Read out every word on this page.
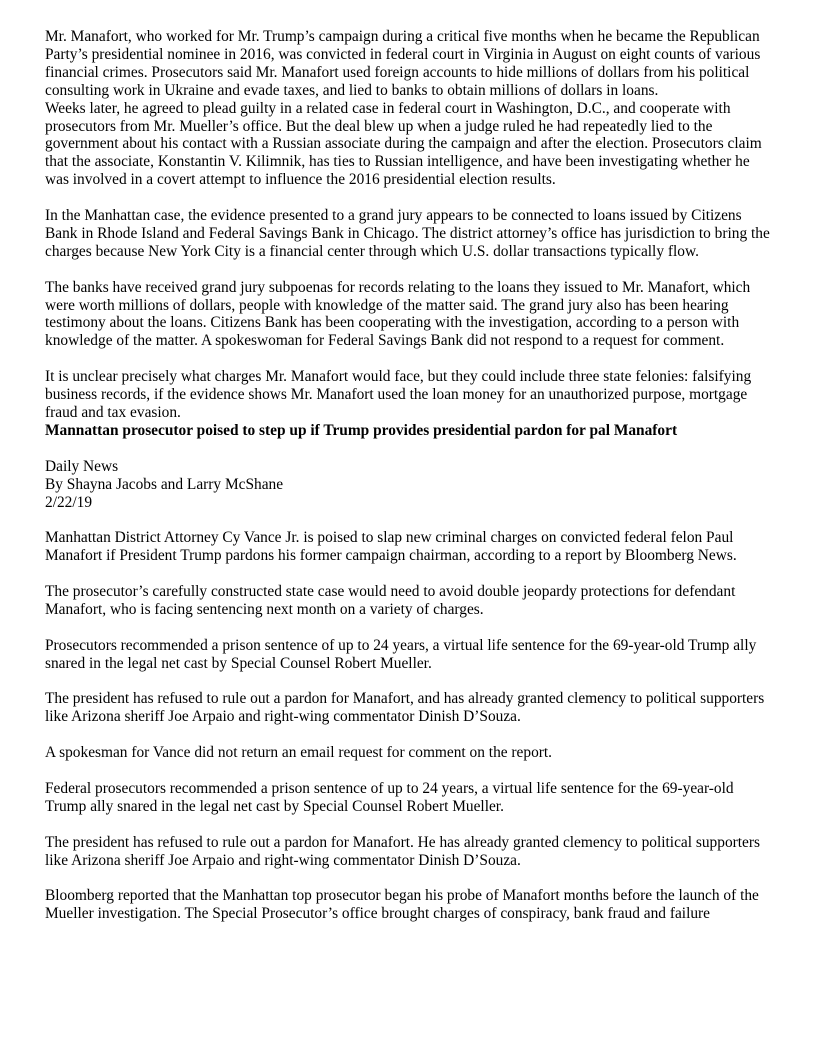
Mr. Manafort, who worked for Mr. Trump’s campaign during a critical five months when he became the Republican Party’s presidential nominee in 2016, was convicted in federal court in Virginia in August on eight counts of various financial crimes. Prosecutors said Mr. Manafort used foreign accounts to hide millions of dollars from his political consulting work in Ukraine and evade taxes, and lied to banks to obtain millions of dollars in loans.

Weeks later, he agreed to plead guilty in a related case in federal court in Washington, D.C., and cooperate with prosecutors from Mr. Mueller’s office. But the deal blew up when a judge ruled he had repeatedly lied to the government about his contact with a Russian associate during the campaign and after the election. Prosecutors claim that the associate, Konstantin V. Kilimnik, has ties to Russian intelligence, and have been investigating whether he was involved in a covert attempt to influence the 2016 presidential election results.

In the Manhattan case, the evidence presented to a grand jury appears to be connected to loans issued by Citizens Bank in Rhode Island and Federal Savings Bank in Chicago. The district attorney’s office has jurisdiction to bring the charges because New York City is a financial center through which U.S. dollar transactions typically flow.

The banks have received grand jury subpoenas for records relating to the loans they issued to Mr. Manafort, which were worth millions of dollars, people with knowledge of the matter said. The grand jury also has been hearing testimony about the loans. Citizens Bank has been cooperating with the investigation, according to a person with knowledge of the matter. A spokeswoman for Federal Savings Bank did not respond to a request for comment.

It is unclear precisely what charges Mr. Manafort would face, but they could include three state felonies: falsifying business records, if the evidence shows Mr. Manafort used the loan money for an unauthorized purpose, mortgage fraud and tax evasion.

Mannattan prosecutor poised to step up if Trump provides presidential pardon for pal Manafort

Daily News

By Shayna Jacobs and Larry McShane

2/22/19

Manhattan District Attorney Cy Vance Jr. is poised to slap new criminal charges on convicted federal felon Paul Manafort if President Trump pardons his former campaign chairman, according to a report by Bloomberg News.

The prosecutor’s carefully constructed state case would need to avoid double jeopardy protections for defendant Manafort, who is facing sentencing next month on a variety of charges.

Prosecutors recommended a prison sentence of up to 24 years, a virtual life sentence for the 69-year-old Trump ally snared in the legal net cast by Special Counsel Robert Mueller.

The president has refused to rule out a pardon for Manafort, and has already granted clemency to political supporters like Arizona sheriff Joe Arpaio and right-wing commentator Dinish D’Souza.

A spokesman for Vance did not return an email request for comment on the report.

Federal prosecutors recommended a prison sentence of up to 24 years, a virtual life sentence for the 69-year-old Trump ally snared in the legal net cast by Special Counsel Robert Mueller.

The president has refused to rule out a pardon for Manafort. He has already granted clemency to political supporters like Arizona sheriff Joe Arpaio and right-wing commentator Dinish D’Souza.

Bloomberg reported that the Manhattan top prosecutor began his probe of Manafort months before the launch of the Mueller investigation. The Special Prosecutor’s office brought charges of conspiracy, bank fraud and failure
